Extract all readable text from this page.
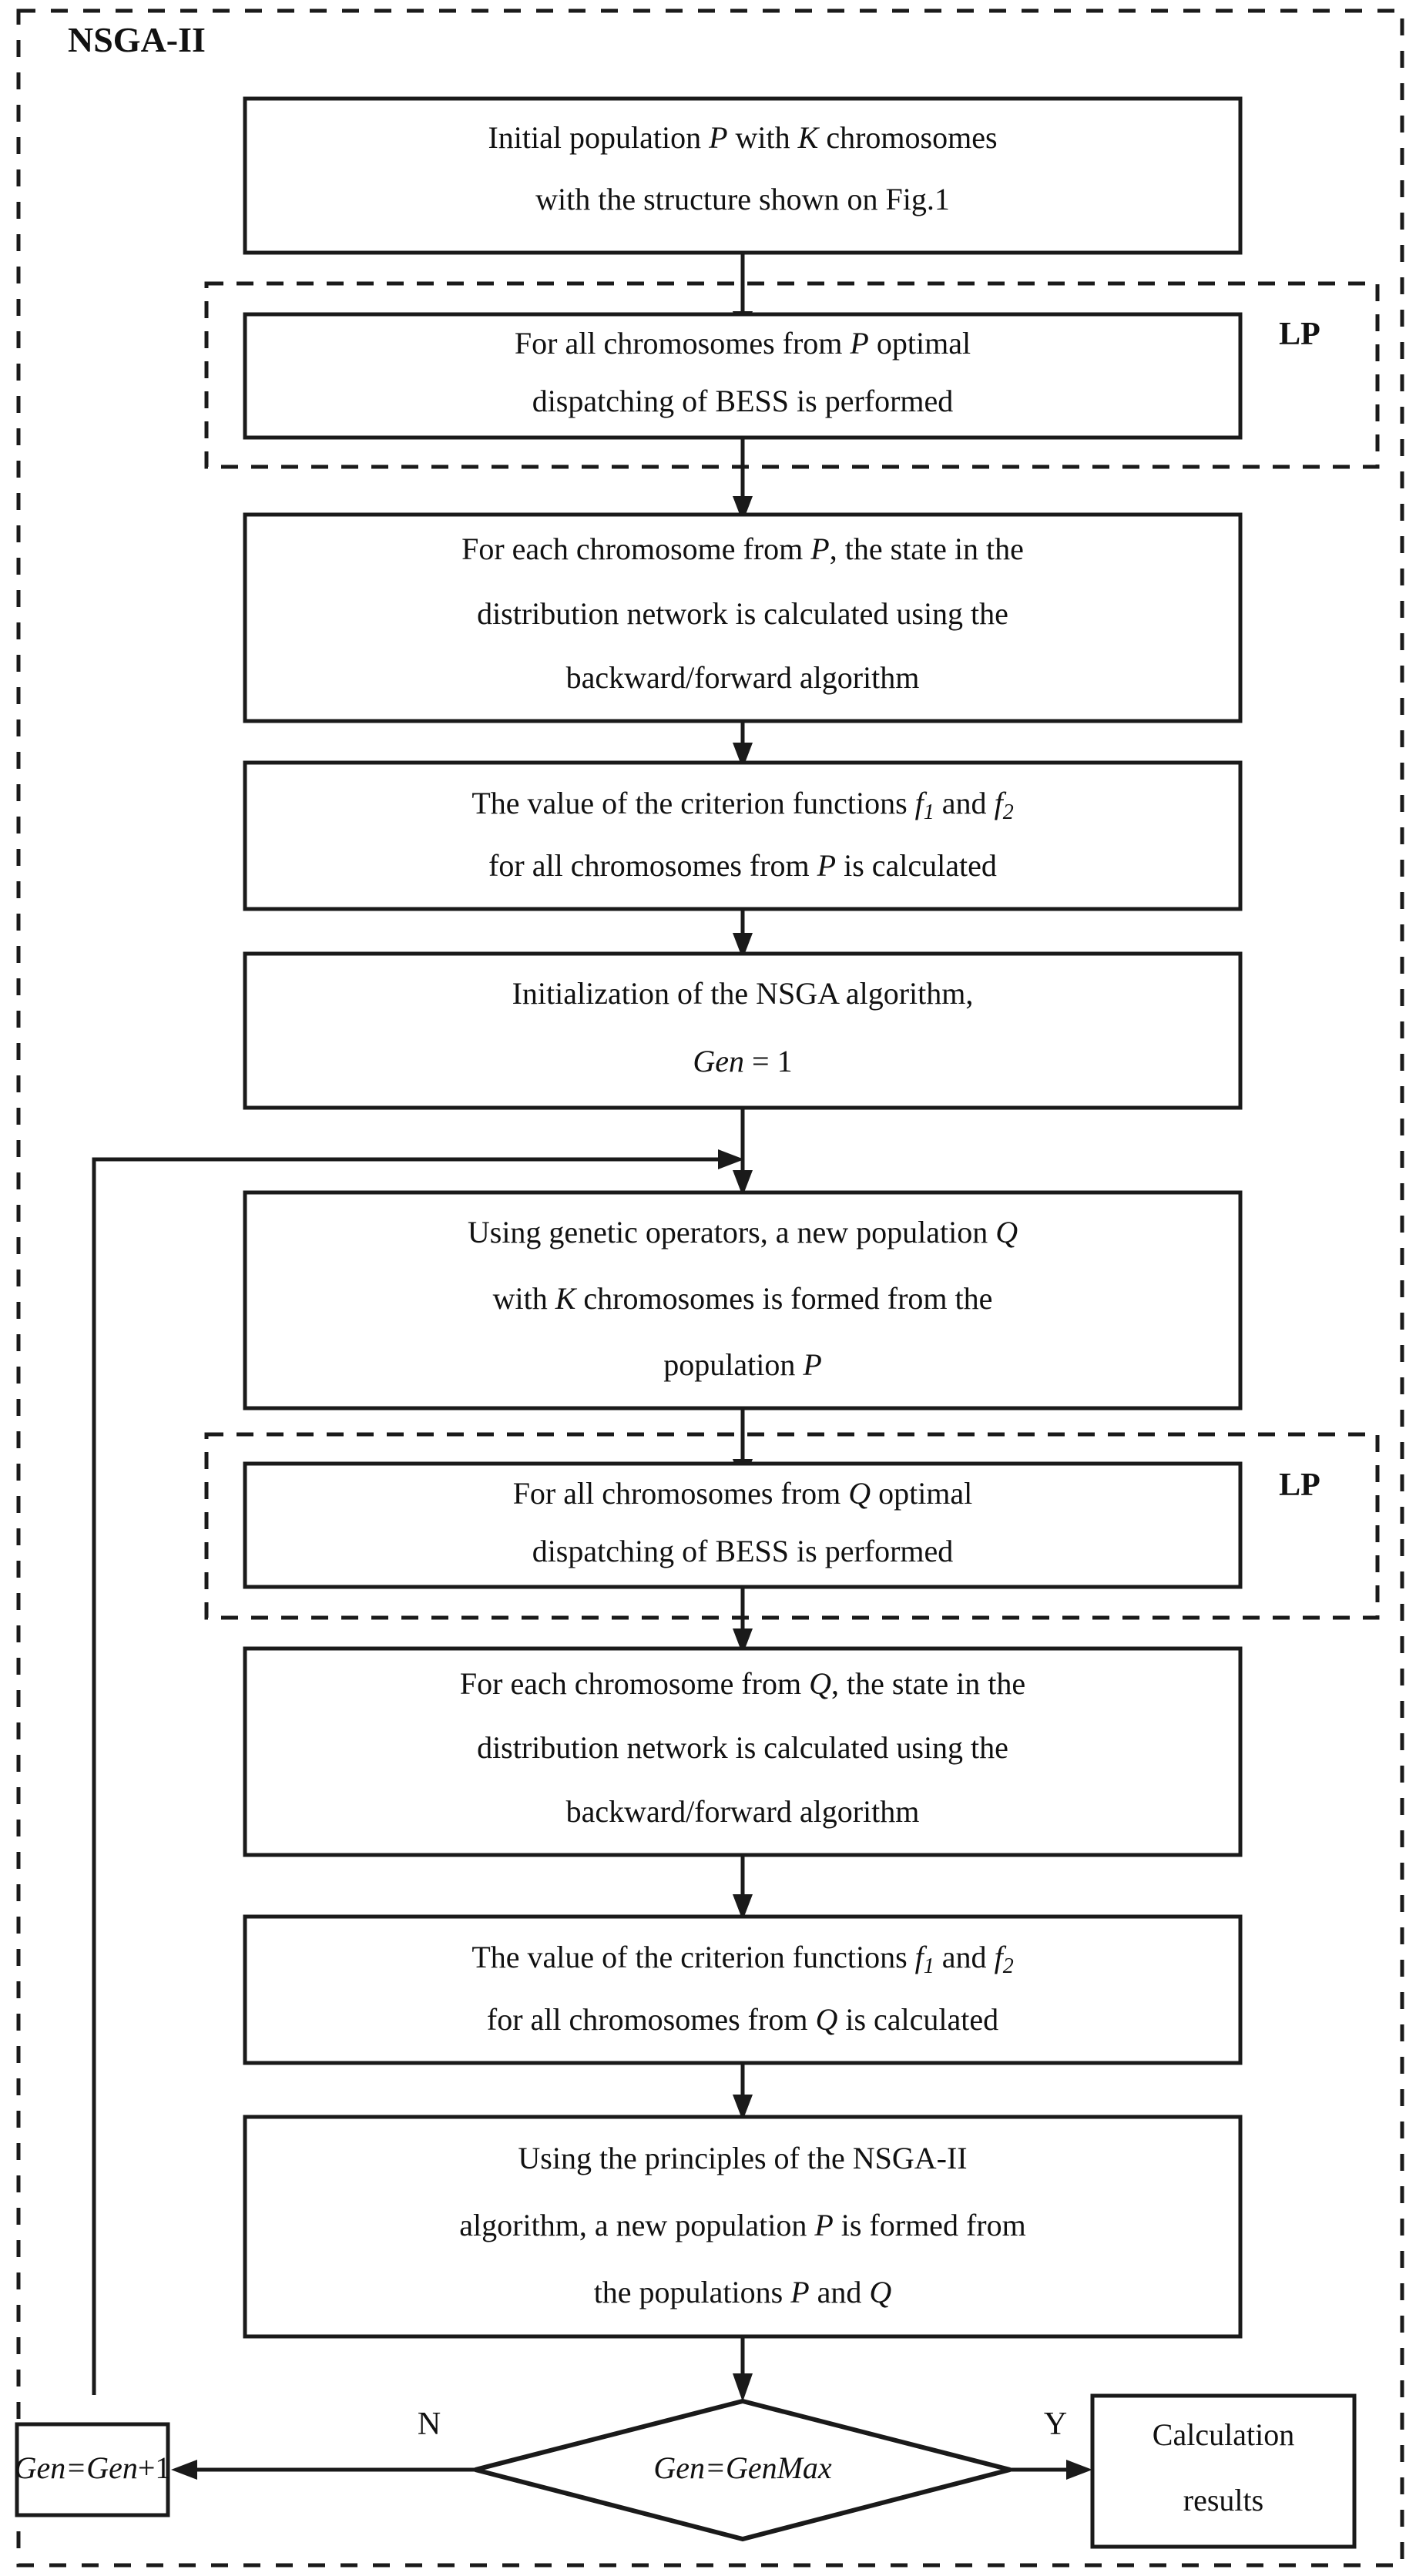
NSGA-II
Initial population P with K chromosomes
with the structure shown on Fig.1
LP
For all chromosomes from P optimal
dispatching of BESS is performed
For each chromosome from P, the state in the
distribution network is calculated using the
backward/forward algorithm
The value of the criterion functions $f_1$ and $f_2$
for all chromosomes from P is calculated
Initialization of the NSGA algorithm,
Gen = 1
Using genetic operators, a new population Q
with K chromosomes is formed from the
population P
LP
For all chromosomes from Q optimal
dispatching of BESS is performed
For each chromosome from Q, the state in the
distribution network is calculated using the
backward/forward algorithm
The value of the criterion functions $f_1$ and $f_2$
for all chromosomes from Q is calculated
Using the principles of the NSGA-II
algorithm, a new population P is formed from
the populations P and Q
Gen=GenMax
N	Y
Gen=Gen+1
Calculation
results
